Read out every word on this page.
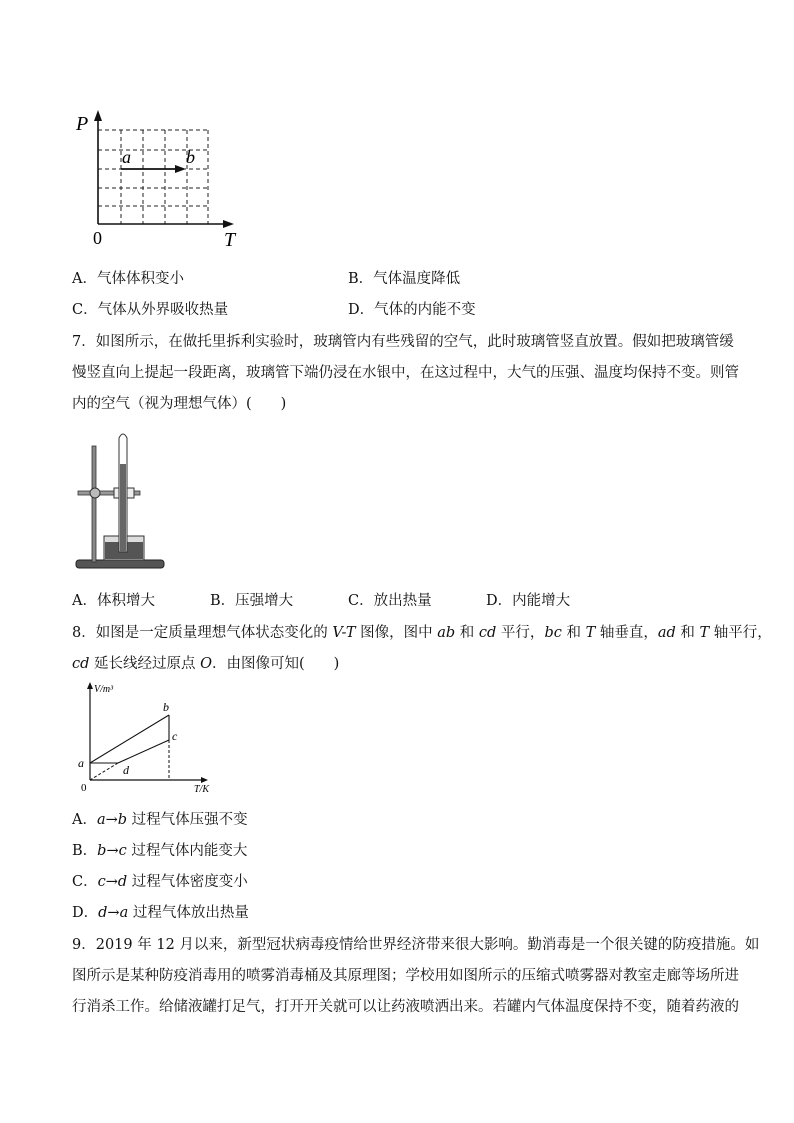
P
T
0
a	b
A．气体体积变小	B．气体温度降低
C．气体从外界吸收热量	D．气体的内能不变
7．如图所示，在做托里拆利实验时，玻璃管内有些残留的空气，此时玻璃管竖直放置。假如把玻璃管缓
慢竖直向上提起一段距离，玻璃管下端仍浸在水银中，在这过程中，大气的压强、温度均保持不变。则管
内的空气（视为理想气体）(　　)
A．体积增大	B．压强增大	C．放出热量	D．内能增大
8．如图是一定质量理想气体状态变化的 V-T 图像，图中 ab 和 cd 平行，bc 和 T 轴垂直，ad 和 T 轴平行，
cd 延长线经过原点 O．由图像可知(　　)
V/m³
T/K
0
a
b
c
d
A．a→b 过程气体压强不变
B．b→c 过程气体内能变大
C．c→d 过程气体密度变小
D．d→a 过程气体放出热量
9．2019 年 12 月以来，新型冠状病毒疫情给世界经济带来很大影响。勤消毒是一个很关键的防疫措施。如
图所示是某种防疫消毒用的喷雾消毒桶及其原理图；学校用如图所示的压缩式喷雾器对教室走廊等场所进
行消杀工作。给储液罐打足气，打开开关就可以让药液喷洒出来。若罐内气体温度保持不变，随着药液的
